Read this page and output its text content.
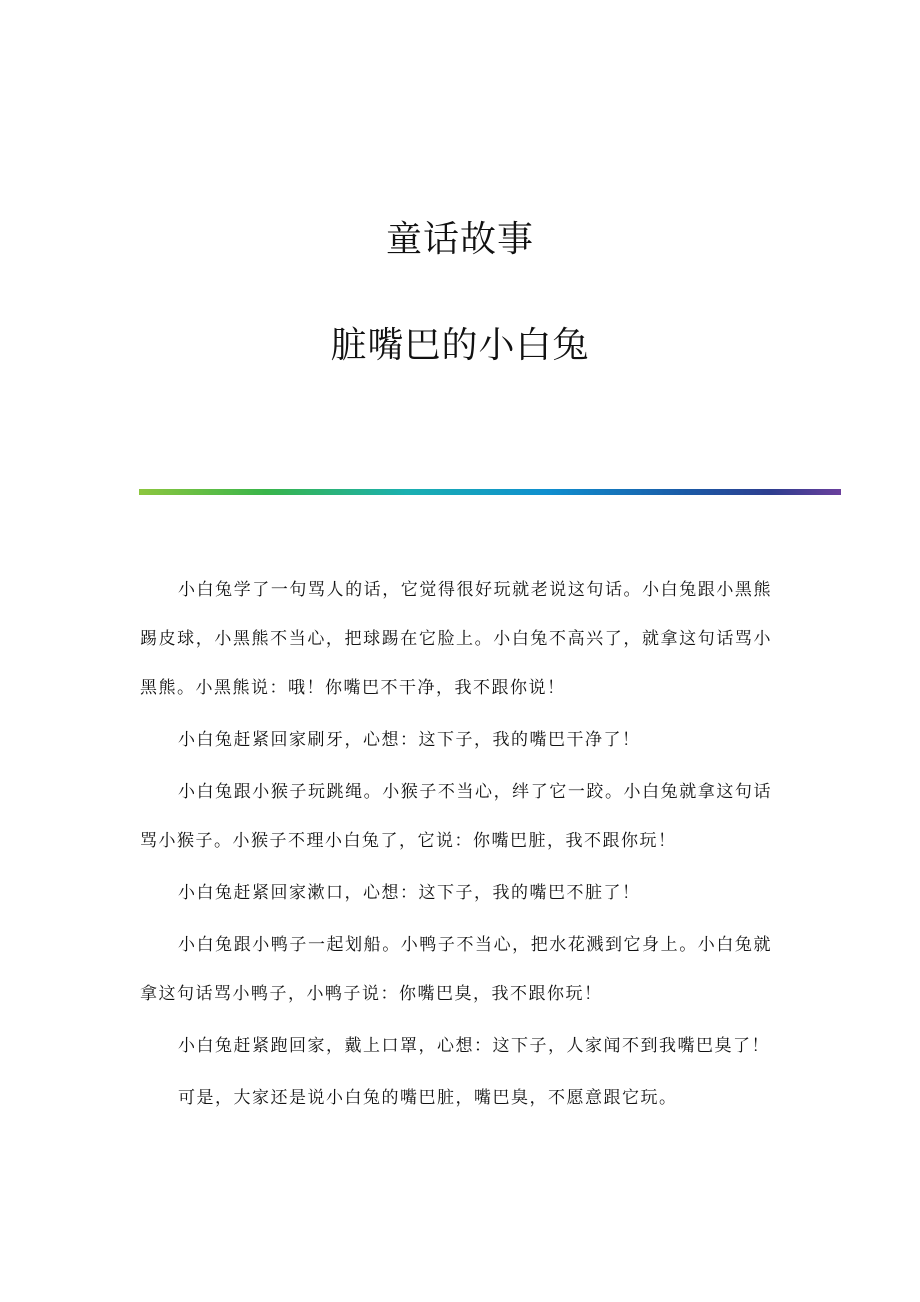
童话故事
脏嘴巴的小白兔

小白兔学了一句骂人的话，它觉得很好玩就老说这句话。小白兔跟小黑熊踢皮球，小黑熊不当心，把球踢在它脸上。小白兔不高兴了，就拿这句话骂小黑熊。小黑熊说：哦！你嘴巴不干净，我不跟你说！

小白兔赶紧回家刷牙，心想：这下子，我的嘴巴干净了！

小白兔跟小猴子玩跳绳。小猴子不当心，绊了它一跤。小白兔就拿这句话骂小猴子。小猴子不理小白兔了，它说：你嘴巴脏，我不跟你玩！

小白兔赶紧回家漱口，心想：这下子，我的嘴巴不脏了！

小白兔跟小鸭子一起划船。小鸭子不当心，把水花溅到它身上。小白兔就拿这句话骂小鸭子，小鸭子说：你嘴巴臭，我不跟你玩！

小白兔赶紧跑回家，戴上口罩，心想：这下子，人家闻不到我嘴巴臭了！

可是，大家还是说小白兔的嘴巴脏，嘴巴臭，不愿意跟它玩。
